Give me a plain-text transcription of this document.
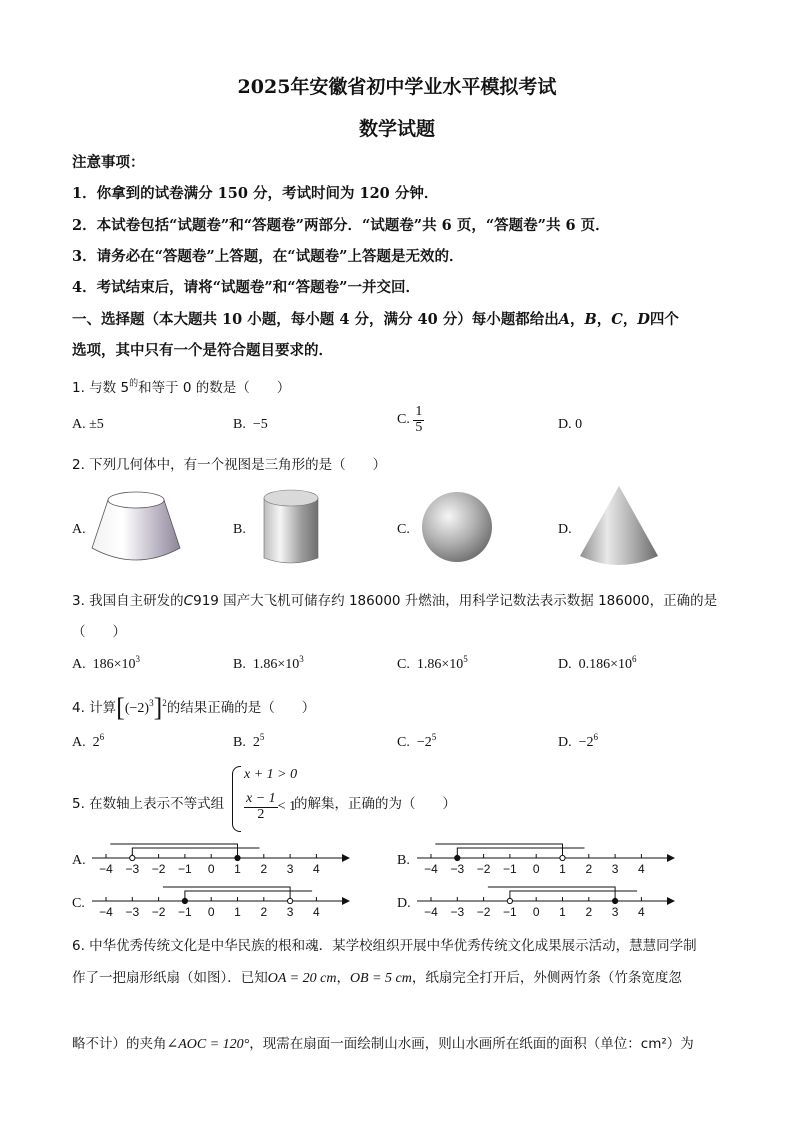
2025年安徽省初中学业水平模拟考试
数学试题
注意事项：
1．你拿到的试卷满分 150 分，考试时间为 120 分钟．
2．本试卷包括“试题卷”和“答题卷”两部分．“试题卷”共 6 页，“答题卷”共 6 页．
3．请务必在“答题卷”上答题，在“试题卷”上答题是无效的．
4．考试结束后，请将“试题卷”和“答题卷”一并交回．
一、选择题（本大题共 10 小题，每小题 4 分，满分 40 分）每小题都给出A，B，C，D四个
选项，其中只有一个是符合题目要求的．
1. 与数 $5^的$和等于 0 的数是（　　）
A. ±5	B. −5	C. $\frac{1}{5}$	D. 0
2. 下列几何体中，有一个视图是三角形的是（　　）
A.	B.	C.	D.
3. 我国自主研发的C919 国产大飞机可储存约 186000 升燃油，用科学记数法表示数据 186000，正确的是
（　　）
A. $186\times 10^3$	B. $1.86\times 10^3$	C. $1.86\times 10^5$	D. $0.186\times 10^6$
4. 计算$[(-2)^3]^2$的结果正确的是（　　）
A. $2^6$	B. $2^5$	C. $-2^5$	D. $-2^6$
5. 在数轴上表示不等式组
x + 1 > 0
$\frac{x - 1}{2} < 1$
的解集，正确的为（　　）
A.	B.
C.	D.
−4 −3 −2 −1 0 1 2 3 4	−4 −3 −2 −1 0 1 2 3 4
−4 −3 −2 −1 0 1 2 3 4	−4 −3 −2 −1 0 1 2 3 4
6. 中华优秀传统文化是中华民族的根和魂．某学校组织开展中华优秀传统文化成果展示活动，慧慧同学制
作了一把扇形纸扇（如图）．已知OA = 20 cm，OB = 5 cm，纸扇完全打开后，外侧两竹条（竹条宽度忽
略不计）的夹角∠AOC = 120°，现需在扇面一面绘制山水画，则山水画所在纸面的面积（单位：cm²）为
